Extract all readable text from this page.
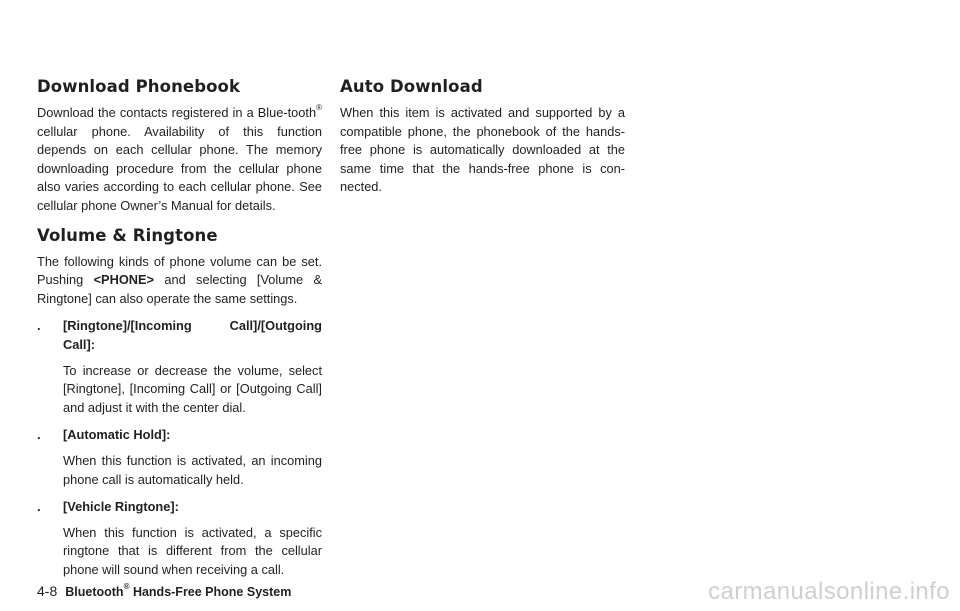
Download Phonebook

Download the contacts registered in a Blue-tooth® cellular phone. Availability of this function depends on each cellular phone. The memory downloading procedure from the cellular phone also varies according to each cellular phone. See cellular phone Owner’s Manual for details.

Volume & Ringtone

The following kinds of phone volume can be set. Pushing <PHONE> and selecting [Volume & Ringtone] can also operate the same settings.

. [Ringtone]/[Incoming Call]/[Outgoing Call]:

To increase or decrease the volume, select [Ringtone], [Incoming Call] or [Outgoing Call] and adjust it with the center dial.

. [Automatic Hold]:

When this function is activated, an incoming phone call is automatically held.

. [Vehicle Ringtone]:

When this function is activated, a specific ringtone that is different from the cellular phone will sound when receiving a call.

Auto Download

When this item is activated and supported by a compatible phone, the phonebook of the hands-free phone is automatically downloaded at the same time that the hands-free phone is con-nected.

4-8 Bluetooth® Hands-Free Phone System	carmanualsonline.info
